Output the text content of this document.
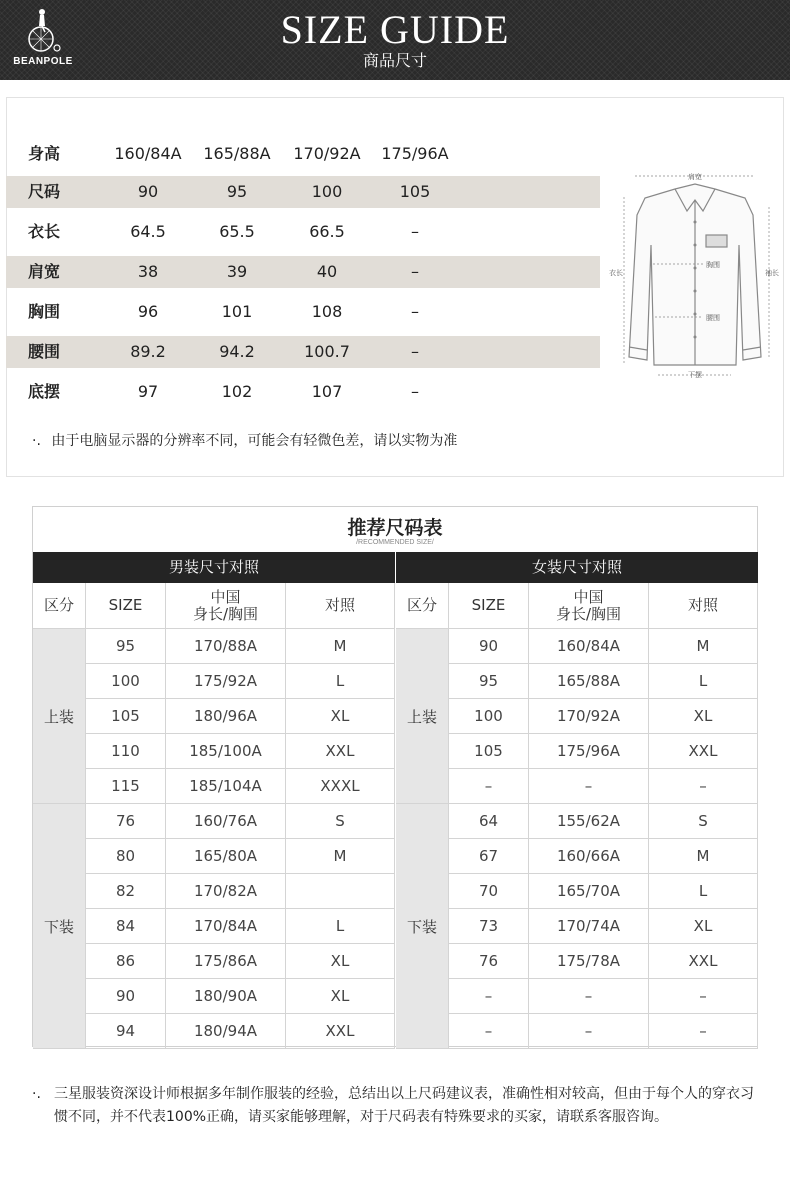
BEANPOLE
SIZE GUIDE
商品尺寸
身高	160/84A	165/88A	170/92A	175/96A
尺码	90	95	100	105
衣长	64.5	65.5	66.5	–
肩宽	38	39	40	–
胸围	96	101	108	–
腰围	89.2	94.2	100.7	–
底摆	97	102	107	–
肩宽
衣长	袖长
胸围
腰围
下摆
·. 由于电脑显示器的分辨率不同，可能会有轻微色差，请以实物为准
推荐尺码表
/RECOMMENDED SIZE/
男装尺寸对照
区分	SIZE	中国
身长/胸围	对照
上装
95	170/88A	M
100	175/92A	L
105	180/96A	XL
110	185/100A	XXL
115	185/104A	XXXL
下装
76	160/76A	S
80	165/80A	M
82	170/82A
84	170/84A	L
86	175/86A	XL
90	180/90A	XL
94	180/94A	XXL
女装尺寸对照
区分	SIZE	中国
身长/胸围	对照
上装
90	160/84A	M
95	165/88A	L
100	170/92A	XL
105	175/96A	XXL
–	–	–
下装
64	155/62A	S
67	160/66A	M
70	165/70A	L
73	170/74A	XL
76	175/78A	XXL
–	–	–
–	–	–
·. 三星服装资深设计师根据多年制作服装的经验，总结出以上尺码建议表，准确性相对较高，但由于每个人的穿衣习惯不同，并不代表100%正确，请买家能够理解，对于尺码表有特殊要求的买家，请联系客服咨询。
